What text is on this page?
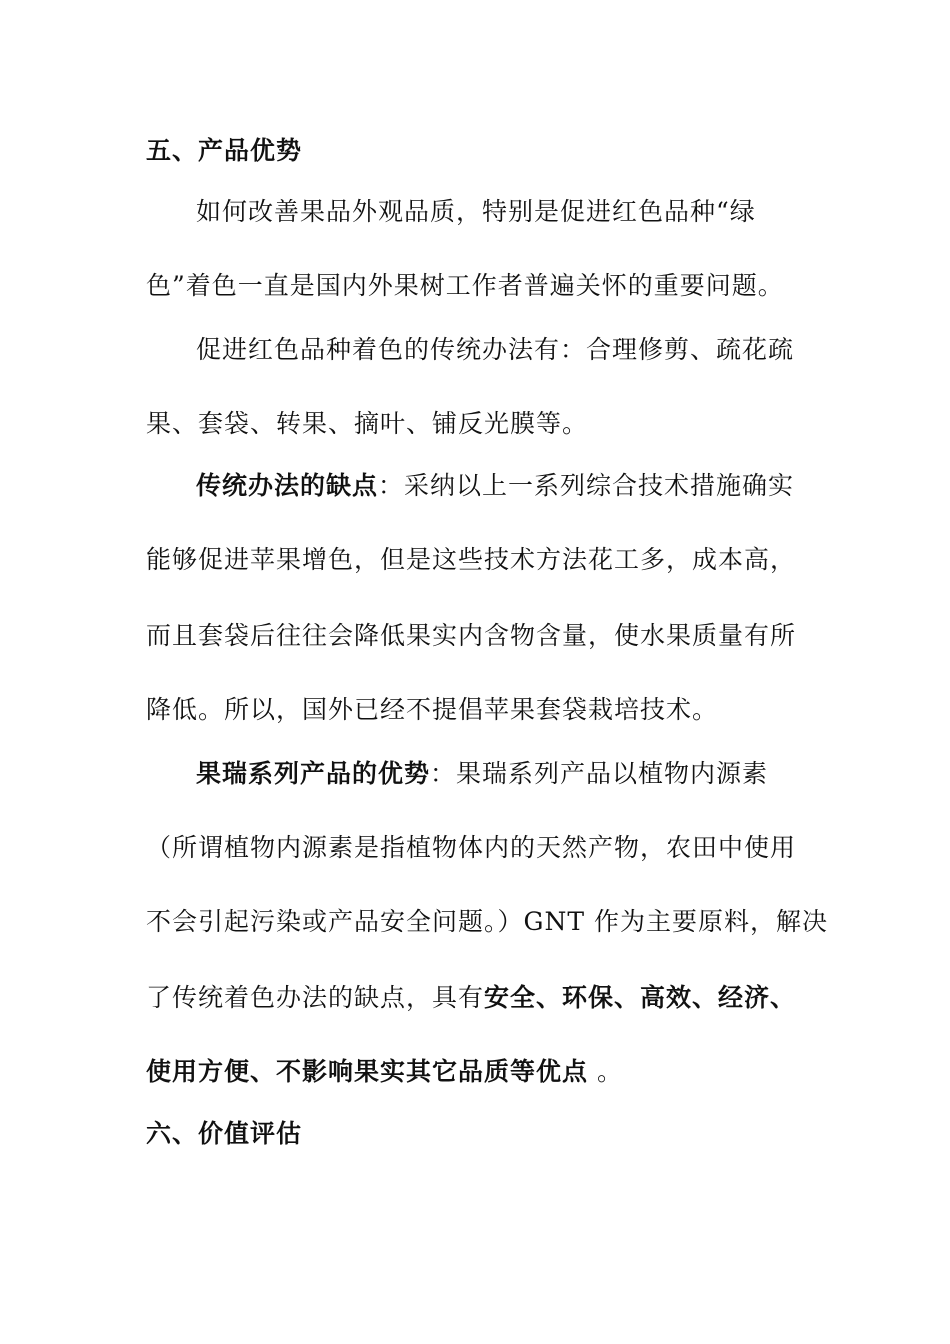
五、产品优势
如何改善果品外观品质，特别是促进红色品种“绿
色”着色一直是国内外果树工作者普遍关怀的重要问题。
促进红色品种着色的传统办法有：合理修剪、疏花疏
果、套袋、转果、摘叶、铺反光膜等。
传统办法的缺点：采纳以上一系列综合技术措施确实
能够促进苹果增色，但是这些技术方法花工多，成本高，
而且套袋后往往会降低果实内含物含量，使水果质量有所
降低。所以，国外已经不提倡苹果套袋栽培技术。
果瑞系列产品的优势：果瑞系列产品以植物内源素
（所谓植物内源素是指植物体内的天然产物，农田中使用
不会引起污染或产品安全问题。）GNT 作为主要原料，解决
了传统着色办法的缺点，具有安全、环保、高效、经济、
使用方便、不影响果实其它品质等优点 。
六、价值评估
